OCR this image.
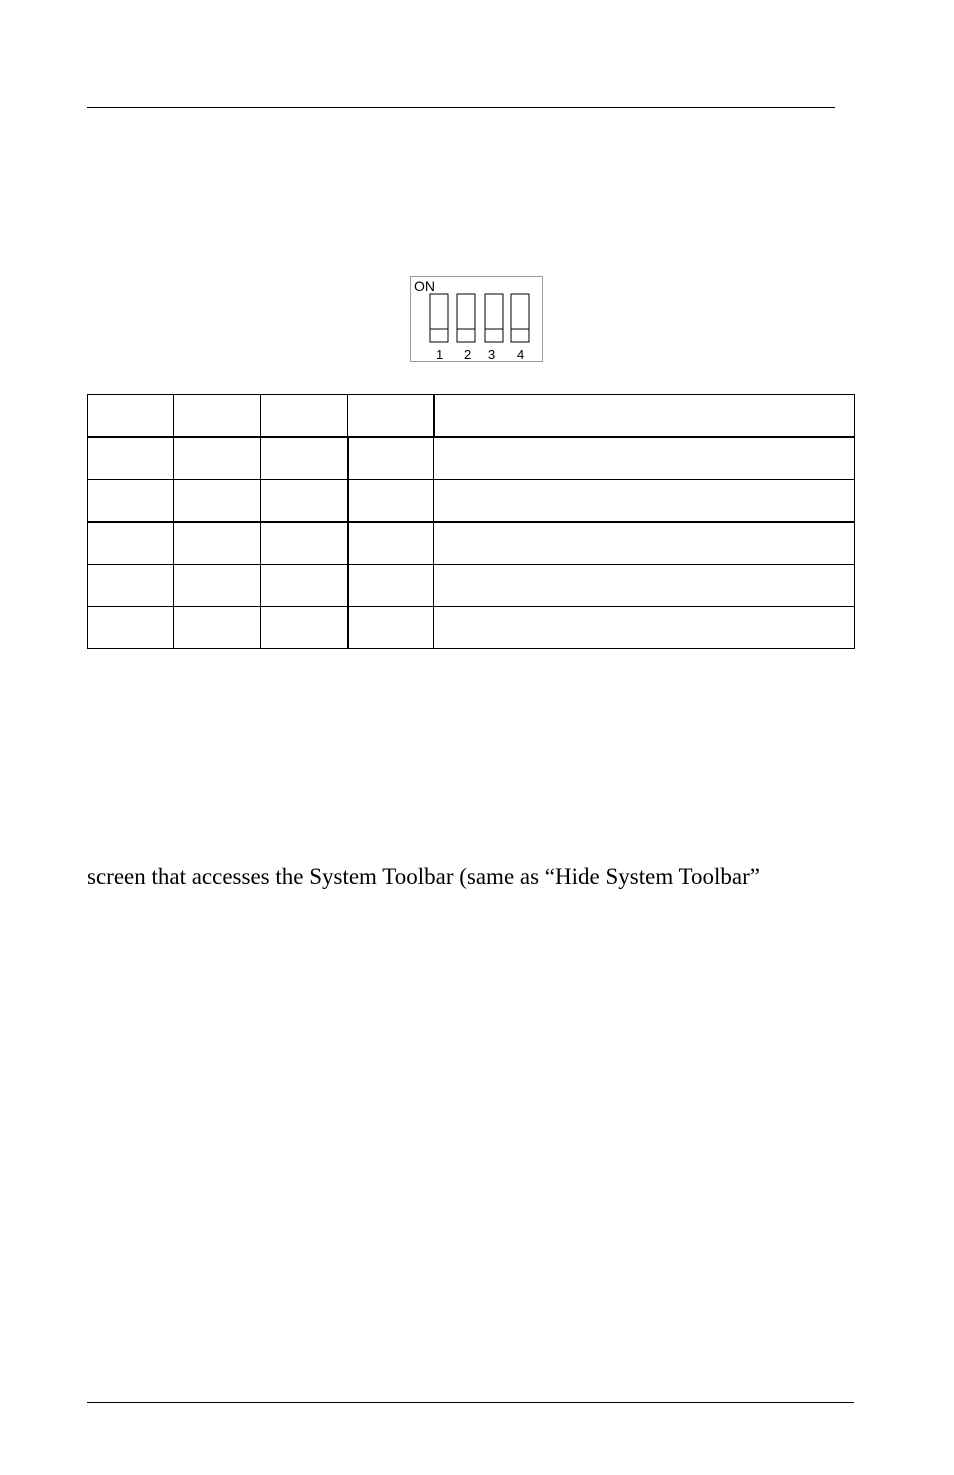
ON
1 2 3 4

screen that accesses the System Toolbar (same as “Hide System Toolbar”
